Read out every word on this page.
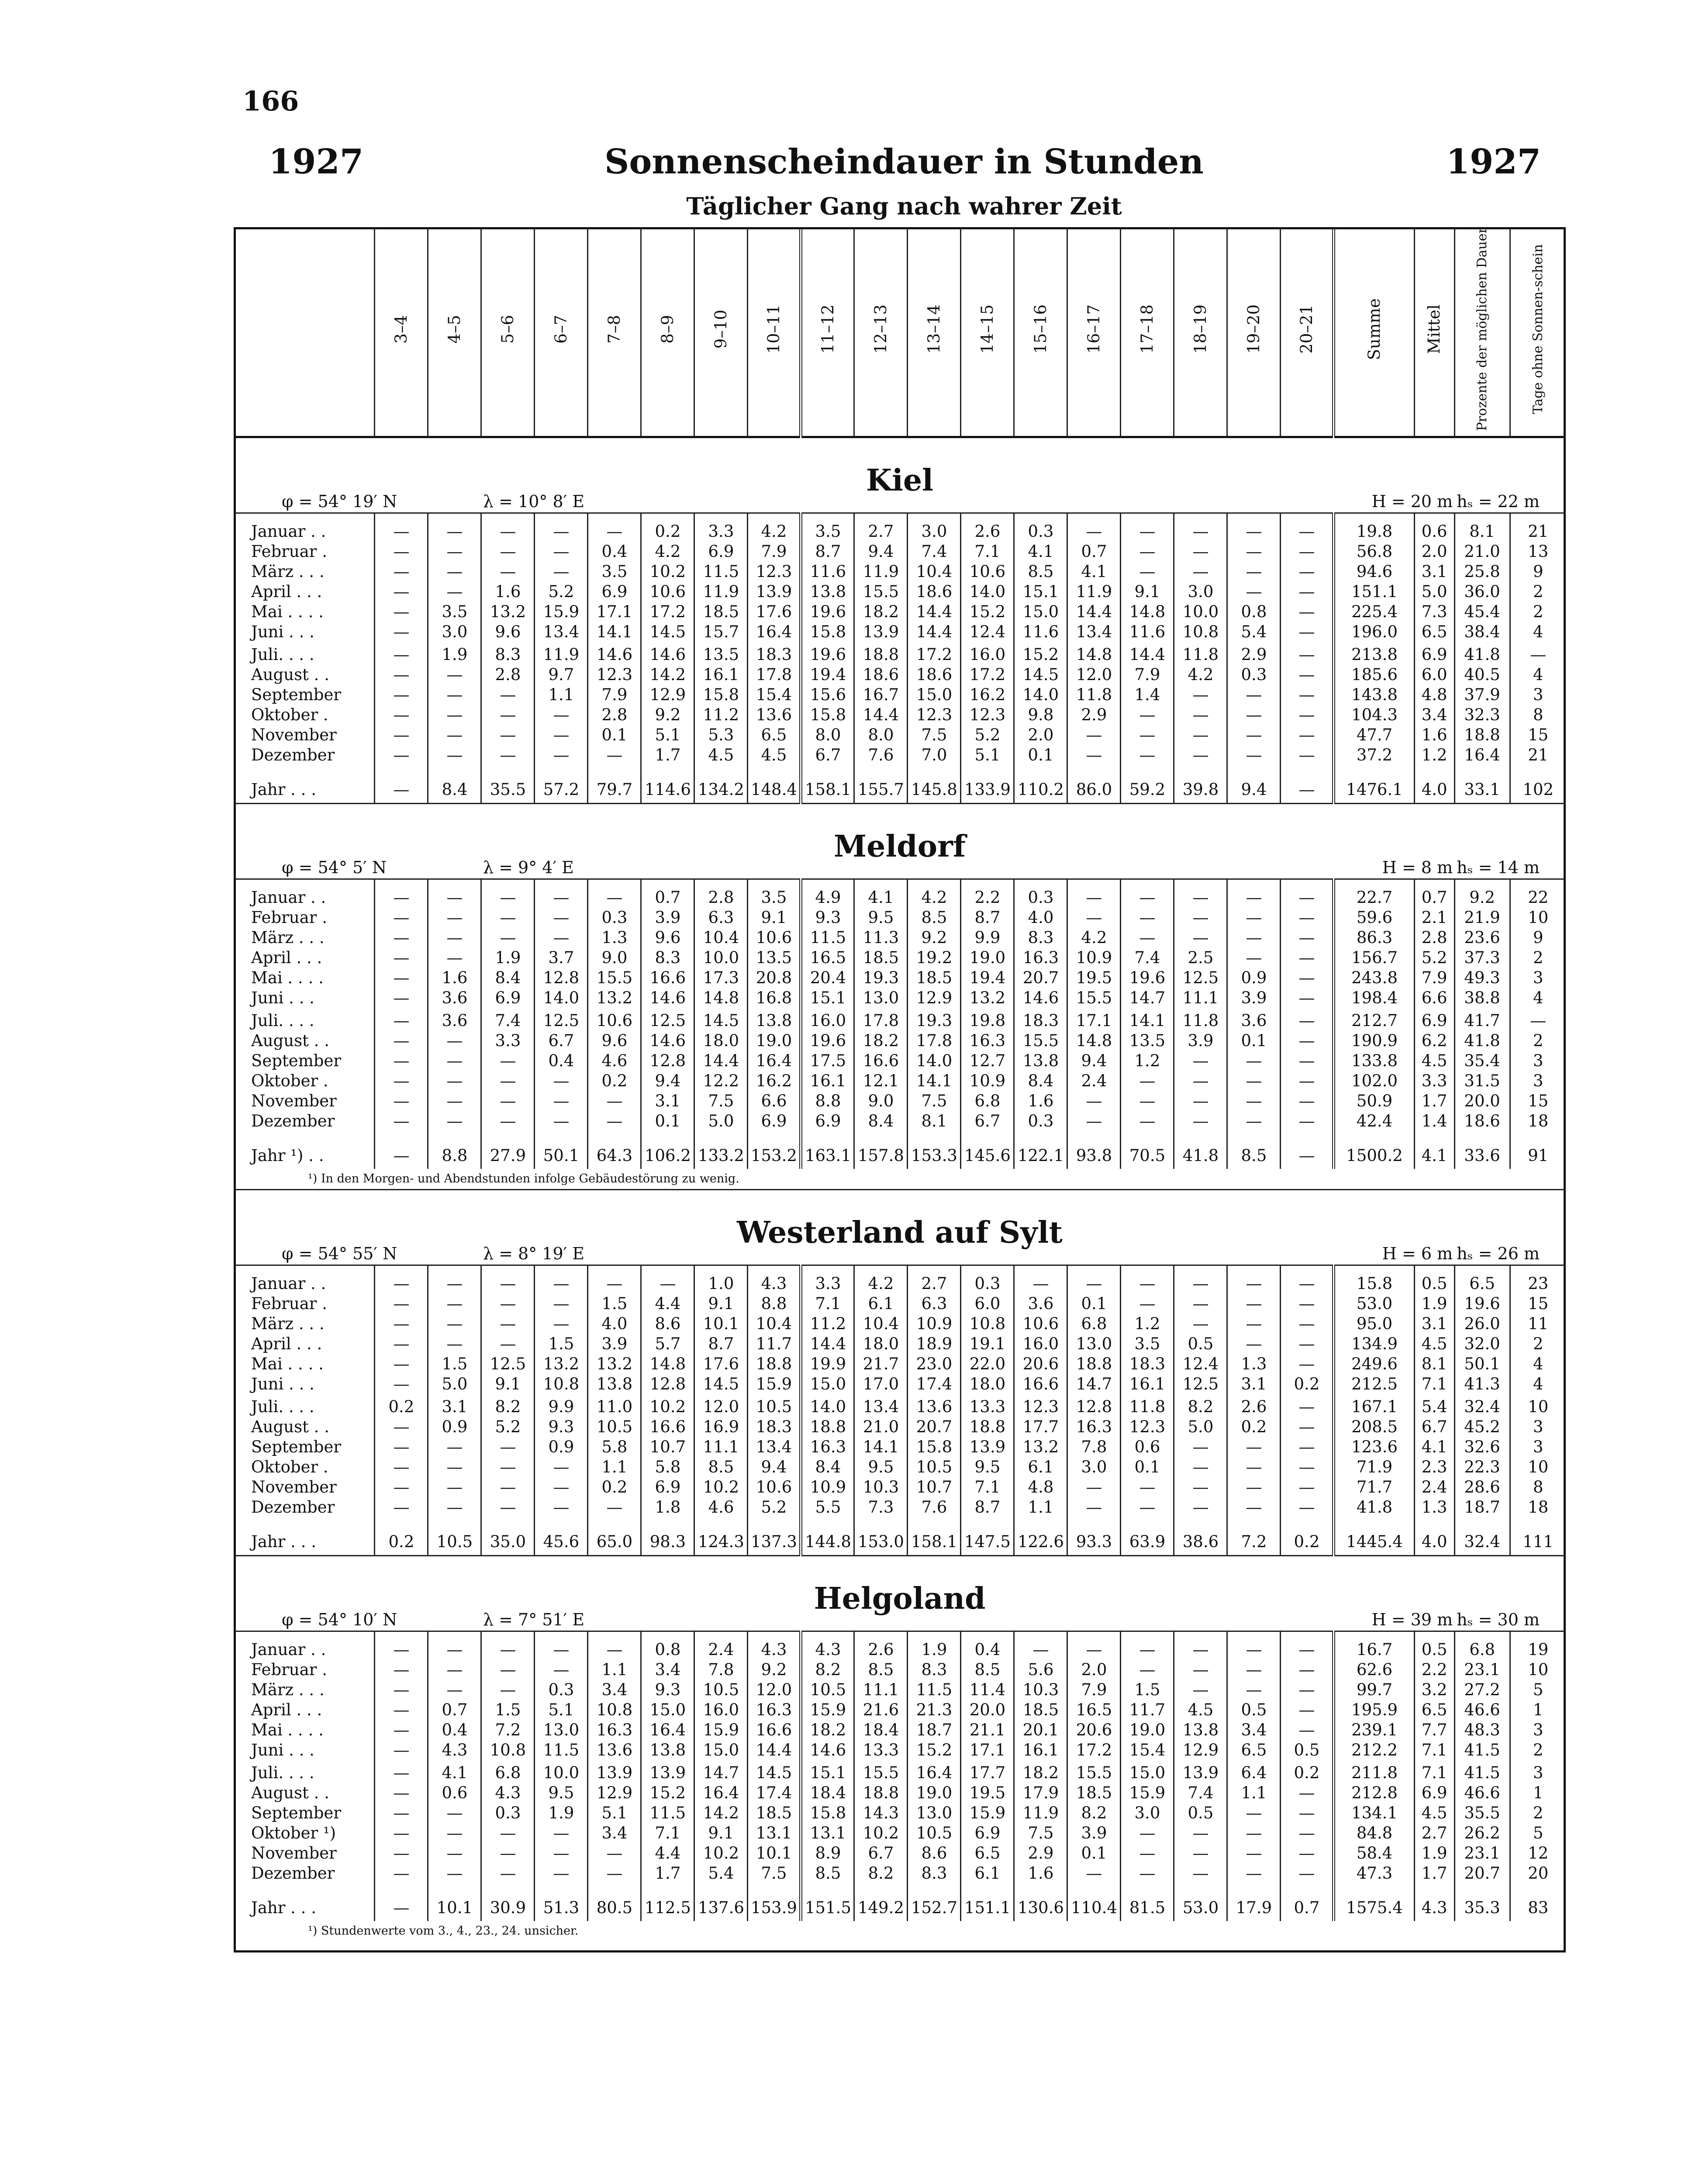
166
Sonnenscheindauer in Stunden
1927	1927
Täglicher Gang nach wahrer Zeit
	3–4	4–5	5–6	6–7	7–8	8–9	9–10	10–11	11–12	12–13	13–14	14–15	15–16	16–17	17–18	18–19	19–20	20–21	Summe	Mittel	Prozente der möglichen Dauer	Tage ohne Sonnen-schein
Kiel																						
φ = 54° 19′ N			λ = 10° 8′ E															H = 20 m			hₛ = 22 m	

Januar . .	—	—	—	—	—	0.2	3.3	4.2	3.5	2.7	3.0	2.6	0.3	—	—	—	—	—	19.8	0.6	8.1	21
Februar .	—	—	—	—	0.4	4.2	6.9	7.9	8.7	9.4	7.4	7.1	4.1	0.7	—	—	—	—	56.8	2.0	21.0	13
März . . .	—	—	—	—	3.5	10.2	11.5	12.3	11.6	11.9	10.4	10.6	8.5	4.1	—	—	—	—	94.6	3.1	25.8	9
April . . .	—	—	1.6	5.2	6.9	10.6	11.9	13.9	13.8	15.5	18.6	14.0	15.1	11.9	9.1	3.0	—	—	151.1	5.0	36.0	2
Mai . . . .	—	3.5	13.2	15.9	17.1	17.2	18.5	17.6	19.6	18.2	14.4	15.2	15.0	14.4	14.8	10.0	0.8	—	225.4	7.3	45.4	2
Juni . . .	—	3.0	9.6	13.4	14.1	14.5	15.7	16.4	15.8	13.9	14.4	12.4	11.6	13.4	11.6	10.8	5.4	—	196.0	6.5	38.4	4
Juli. . . .	—	1.9	8.3	11.9	14.6	14.6	13.5	18.3	19.6	18.8	17.2	16.0	15.2	14.8	14.4	11.8	2.9	—	213.8	6.9	41.8	—
August . .	—	—	2.8	9.7	12.3	14.2	16.1	17.8	19.4	18.6	18.6	17.2	14.5	12.0	7.9	4.2	0.3	—	185.6	6.0	40.5	4
September	—	—	—	1.1	7.9	12.9	15.8	15.4	15.6	16.7	15.0	16.2	14.0	11.8	1.4	—	—	—	143.8	4.8	37.9	3
Oktober .	—	—	—	—	2.8	9.2	11.2	13.6	15.8	14.4	12.3	12.3	9.8	2.9	—	—	—	—	104.3	3.4	32.3	8
November	—	—	—	—	0.1	5.1	5.3	6.5	8.0	8.0	7.5	5.2	2.0	—	—	—	—	—	47.7	1.6	18.8	15
Dezember	—	—	—	—	—	1.7	4.5	4.5	6.7	7.6	7.0	5.1	0.1	—	—	—	—	—	37.2	1.2	16.4	21

Jahr . . .	—	8.4	35.5	57.2	79.7	114.6	134.2	148.4	158.1	155.7	145.8	133.9	110.2	86.0	59.2	39.8	9.4	—	1476.1	4.0	33.1	102
Meldorf																						
φ = 54° 5′ N			λ = 9° 4′ E															H = 8 m			hₛ = 14 m	

Januar . .	—	—	—	—	—	0.7	2.8	3.5	4.9	4.1	4.2	2.2	0.3	—	—	—	—	—	22.7	0.7	9.2	22
Februar .	—	—	—	—	0.3	3.9	6.3	9.1	9.3	9.5	8.5	8.7	4.0	—	—	—	—	—	59.6	2.1	21.9	10
März . . .	—	—	—	—	1.3	9.6	10.4	10.6	11.5	11.3	9.2	9.9	8.3	4.2	—	—	—	—	86.3	2.8	23.6	9
April . . .	—	—	1.9	3.7	9.0	8.3	10.0	13.5	16.5	18.5	19.2	19.0	16.3	10.9	7.4	2.5	—	—	156.7	5.2	37.3	2
Mai . . . .	—	1.6	8.4	12.8	15.5	16.6	17.3	20.8	20.4	19.3	18.5	19.4	20.7	19.5	19.6	12.5	0.9	—	243.8	7.9	49.3	3
Juni . . .	—	3.6	6.9	14.0	13.2	14.6	14.8	16.8	15.1	13.0	12.9	13.2	14.6	15.5	14.7	11.1	3.9	—	198.4	6.6	38.8	4
Juli. . . .	—	3.6	7.4	12.5	10.6	12.5	14.5	13.8	16.0	17.8	19.3	19.8	18.3	17.1	14.1	11.8	3.6	—	212.7	6.9	41.7	—
August . .	—	—	3.3	6.7	9.6	14.6	18.0	19.0	19.6	18.2	17.8	16.3	15.5	14.8	13.5	3.9	0.1	—	190.9	6.2	41.8	2
September	—	—	—	0.4	4.6	12.8	14.4	16.4	17.5	16.6	14.0	12.7	13.8	9.4	1.2	—	—	—	133.8	4.5	35.4	3
Oktober .	—	—	—	—	0.2	9.4	12.2	16.2	16.1	12.1	14.1	10.9	8.4	2.4	—	—	—	—	102.0	3.3	31.5	3
November	—	—	—	—	—	3.1	7.5	6.6	8.8	9.0	7.5	6.8	1.6	—	—	—	—	—	50.9	1.7	20.0	15
Dezember	—	—	—	—	—	0.1	5.0	6.9	6.9	8.4	8.1	6.7	0.3	—	—	—	—	—	42.4	1.4	18.6	18

Jahr ¹) . .	—	8.8	27.9	50.1	64.3	106.2	133.2	153.2	163.1	157.8	153.3	145.6	122.1	93.8	70.5	41.8	8.5	—	1500.2	4.1	33.6	91
¹) In den Morgen- und Abendstunden infolge Gebäudestörung zu wenig.																						
Westerland auf Sylt																						
φ = 54° 55′ N			λ = 8° 19′ E															H = 6 m			hₛ = 26 m	

Januar . .	—	—	—	—	—	—	1.0	4.3	3.3	4.2	2.7	0.3	—	—	—	—	—	—	15.8	0.5	6.5	23
Februar .	—	—	—	—	1.5	4.4	9.1	8.8	7.1	6.1	6.3	6.0	3.6	0.1	—	—	—	—	53.0	1.9	19.6	15
März . . .	—	—	—	—	4.0	8.6	10.1	10.4	11.2	10.4	10.9	10.8	10.6	6.8	1.2	—	—	—	95.0	3.1	26.0	11
April . . .	—	—	—	1.5	3.9	5.7	8.7	11.7	14.4	18.0	18.9	19.1	16.0	13.0	3.5	0.5	—	—	134.9	4.5	32.0	2
Mai . . . .	—	1.5	12.5	13.2	13.2	14.8	17.6	18.8	19.9	21.7	23.0	22.0	20.6	18.8	18.3	12.4	1.3	—	249.6	8.1	50.1	4
Juni . . .	—	5.0	9.1	10.8	13.8	12.8	14.5	15.9	15.0	17.0	17.4	18.0	16.6	14.7	16.1	12.5	3.1	0.2	212.5	7.1	41.3	4
Juli. . . .	0.2	3.1	8.2	9.9	11.0	10.2	12.0	10.5	14.0	13.4	13.6	13.3	12.3	12.8	11.8	8.2	2.6	—	167.1	5.4	32.4	10
August . .	—	0.9	5.2	9.3	10.5	16.6	16.9	18.3	18.8	21.0	20.7	18.8	17.7	16.3	12.3	5.0	0.2	—	208.5	6.7	45.2	3
September	—	—	—	0.9	5.8	10.7	11.1	13.4	16.3	14.1	15.8	13.9	13.2	7.8	0.6	—	—	—	123.6	4.1	32.6	3
Oktober .	—	—	—	—	1.1	5.8	8.5	9.4	8.4	9.5	10.5	9.5	6.1	3.0	0.1	—	—	—	71.9	2.3	22.3	10
November	—	—	—	—	0.2	6.9	10.2	10.6	10.9	10.3	10.7	7.1	4.8	—	—	—	—	—	71.7	2.4	28.6	8
Dezember	—	—	—	—	—	1.8	4.6	5.2	5.5	7.3	7.6	8.7	1.1	—	—	—	—	—	41.8	1.3	18.7	18

Jahr . . .	0.2	10.5	35.0	45.6	65.0	98.3	124.3	137.3	144.8	153.0	158.1	147.5	122.6	93.3	63.9	38.6	7.2	0.2	1445.4	4.0	32.4	111
Helgoland																						
φ = 54° 10′ N			λ = 7° 51′ E															H = 39 m			hₛ = 30 m	

Januar . .	—	—	—	—	—	0.8	2.4	4.3	4.3	2.6	1.9	0.4	—	—	—	—	—	—	16.7	0.5	6.8	19
Februar .	—	—	—	—	1.1	3.4	7.8	9.2	8.2	8.5	8.3	8.5	5.6	2.0	—	—	—	—	62.6	2.2	23.1	10
März . . .	—	—	—	0.3	3.4	9.3	10.5	12.0	10.5	11.1	11.5	11.4	10.3	7.9	1.5	—	—	—	99.7	3.2	27.2	5
April . . .	—	0.7	1.5	5.1	10.8	15.0	16.0	16.3	15.9	21.6	21.3	20.0	18.5	16.5	11.7	4.5	0.5	—	195.9	6.5	46.6	1
Mai . . . .	—	0.4	7.2	13.0	16.3	16.4	15.9	16.6	18.2	18.4	18.7	21.1	20.1	20.6	19.0	13.8	3.4	—	239.1	7.7	48.3	3
Juni . . .	—	4.3	10.8	11.5	13.6	13.8	15.0	14.4	14.6	13.3	15.2	17.1	16.1	17.2	15.4	12.9	6.5	0.5	212.2	7.1	41.5	2
Juli. . . .	—	4.1	6.8	10.0	13.9	13.9	14.7	14.5	15.1	15.5	16.4	17.7	18.2	15.5	15.0	13.9	6.4	0.2	211.8	7.1	41.5	3
August . .	—	0.6	4.3	9.5	12.9	15.2	16.4	17.4	18.4	18.8	19.0	19.5	17.9	18.5	15.9	7.4	1.1	—	212.8	6.9	46.6	1
September	—	—	0.3	1.9	5.1	11.5	14.2	18.5	15.8	14.3	13.0	15.9	11.9	8.2	3.0	0.5	—	—	134.1	4.5	35.5	2
Oktober ¹)	—	—	—	—	3.4	7.1	9.1	13.1	13.1	10.2	10.5	6.9	7.5	3.9	—	—	—	—	84.8	2.7	26.2	5
November	—	—	—	—	—	4.4	10.2	10.1	8.9	6.7	8.6	6.5	2.9	0.1	—	—	—	—	58.4	1.9	23.1	12
Dezember	—	—	—	—	—	1.7	5.4	7.5	8.5	8.2	8.3	6.1	1.6	—	—	—	—	—	47.3	1.7	20.7	20

Jahr . . .	—	10.1	30.9	51.3	80.5	112.5	137.6	153.9	151.5	149.2	152.7	151.1	130.6	110.4	81.5	53.0	17.9	0.7	1575.4	4.3	35.3	83
¹) Stundenwerte vom 3., 4., 23., 24. unsicher.																						
